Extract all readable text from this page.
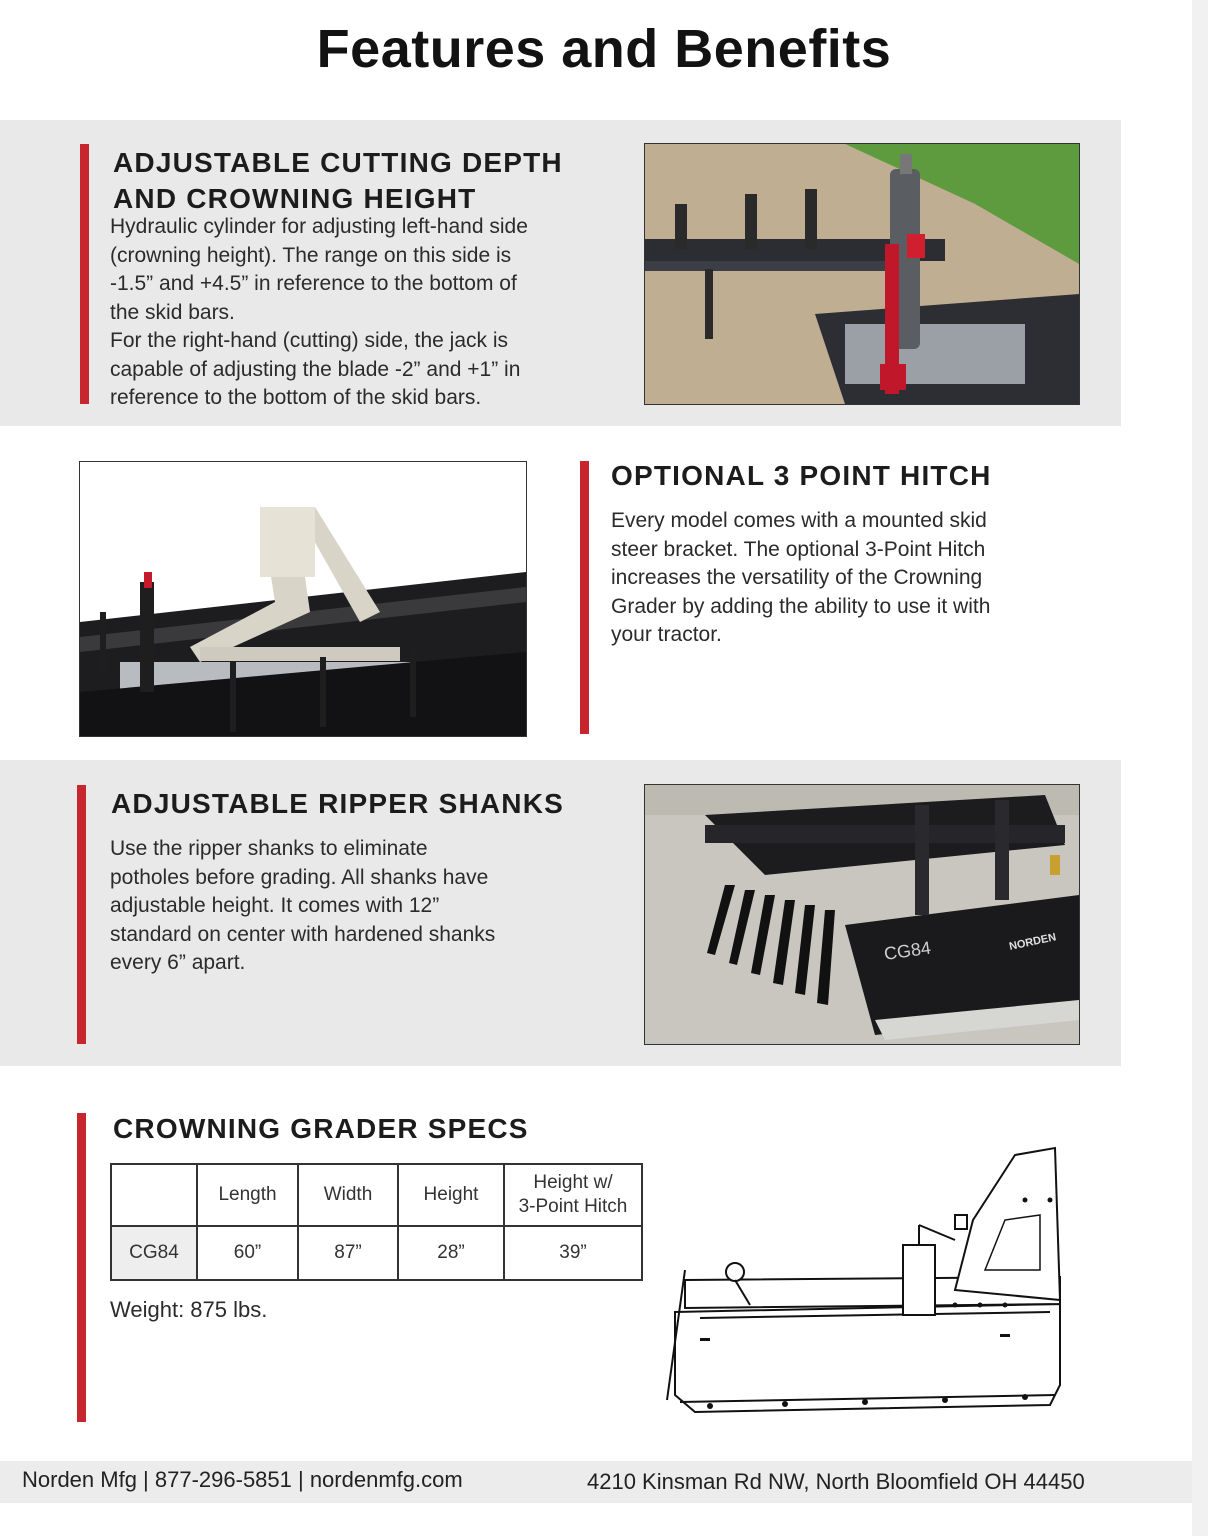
Features and Benefits
ADJUSTABLE CUTTING DEPTH
AND CROWNING HEIGHT
Hydraulic cylinder for adjusting left-hand side
(crowning height). The range on this side is
-1.5” and +4.5” in reference to the bottom of
the skid bars.
For the right-hand (cutting) side, the jack is
capable of adjusting the blade -2” and +1” in
reference to the bottom of the skid bars.
OPTIONAL 3 POINT HITCH
Every model comes with a mounted skid
steer bracket. The optional 3-Point Hitch
increases the versatility of the Crowning
Grader by adding the ability to use it with
your tractor.
ADJUSTABLE RIPPER SHANKS
Use the ripper shanks to eliminate
potholes before grading. All shanks have
adjustable height. It comes with 12”
standard on center with hardened shanks
every 6” apart.	CG84	NORDEN
CROWNING GRADER SPECS
	Length	Width	Height	Height w/
3-Point Hitch

CG84	60”	87”	28”	39”
Weight: 875 lbs.
Norden Mfg | 877-296-5851 | nordenmfg.com	4210 Kinsman Rd NW, North Bloomfield OH 44450
